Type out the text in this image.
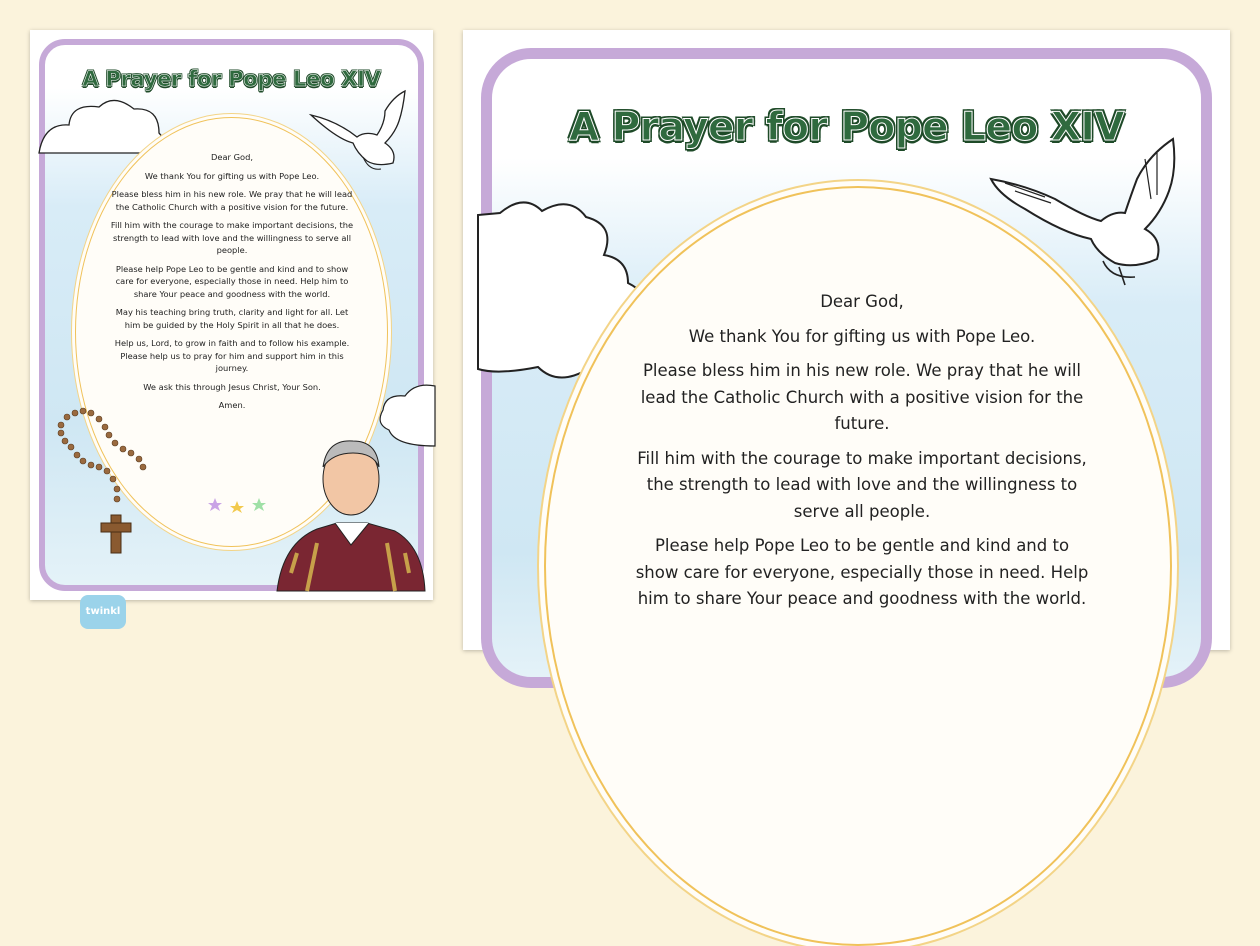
A Prayer for Pope Leo XIV

Dear God,

We thank You for gifting us with Pope Leo.

Please bless him in his new role. We pray that he will lead the Catholic Church with a positive vision for the future.

Fill him with the courage to make important decisions, the strength to lead with love and the willingness to serve all people.

Please help Pope Leo to be gentle and kind and to show care for everyone, especially those in need. Help him to share Your peace and goodness with the world.

May his teaching bring truth, clarity and light for all. Let him be guided by the Holy Spirit in all that he does.

Help us, Lord, to grow in faith and to follow his example. Please help us to pray for him and support him in this journey.

We ask this through Jesus Christ, Your Son.

Amen.

twinkl
A Prayer for Pope Leo XIV

Dear God,

We thank You for gifting us with Pope Leo.

Please bless him in his new role. We pray that he will lead the Catholic Church with a positive vision for the future.

Fill him with the courage to make important decisions, the strength to lead with love and the willingness to serve all people.

Please help Pope Leo to be gentle and kind and to show care for everyone, especially those in need. Help him to share Your peace and goodness with the world.
